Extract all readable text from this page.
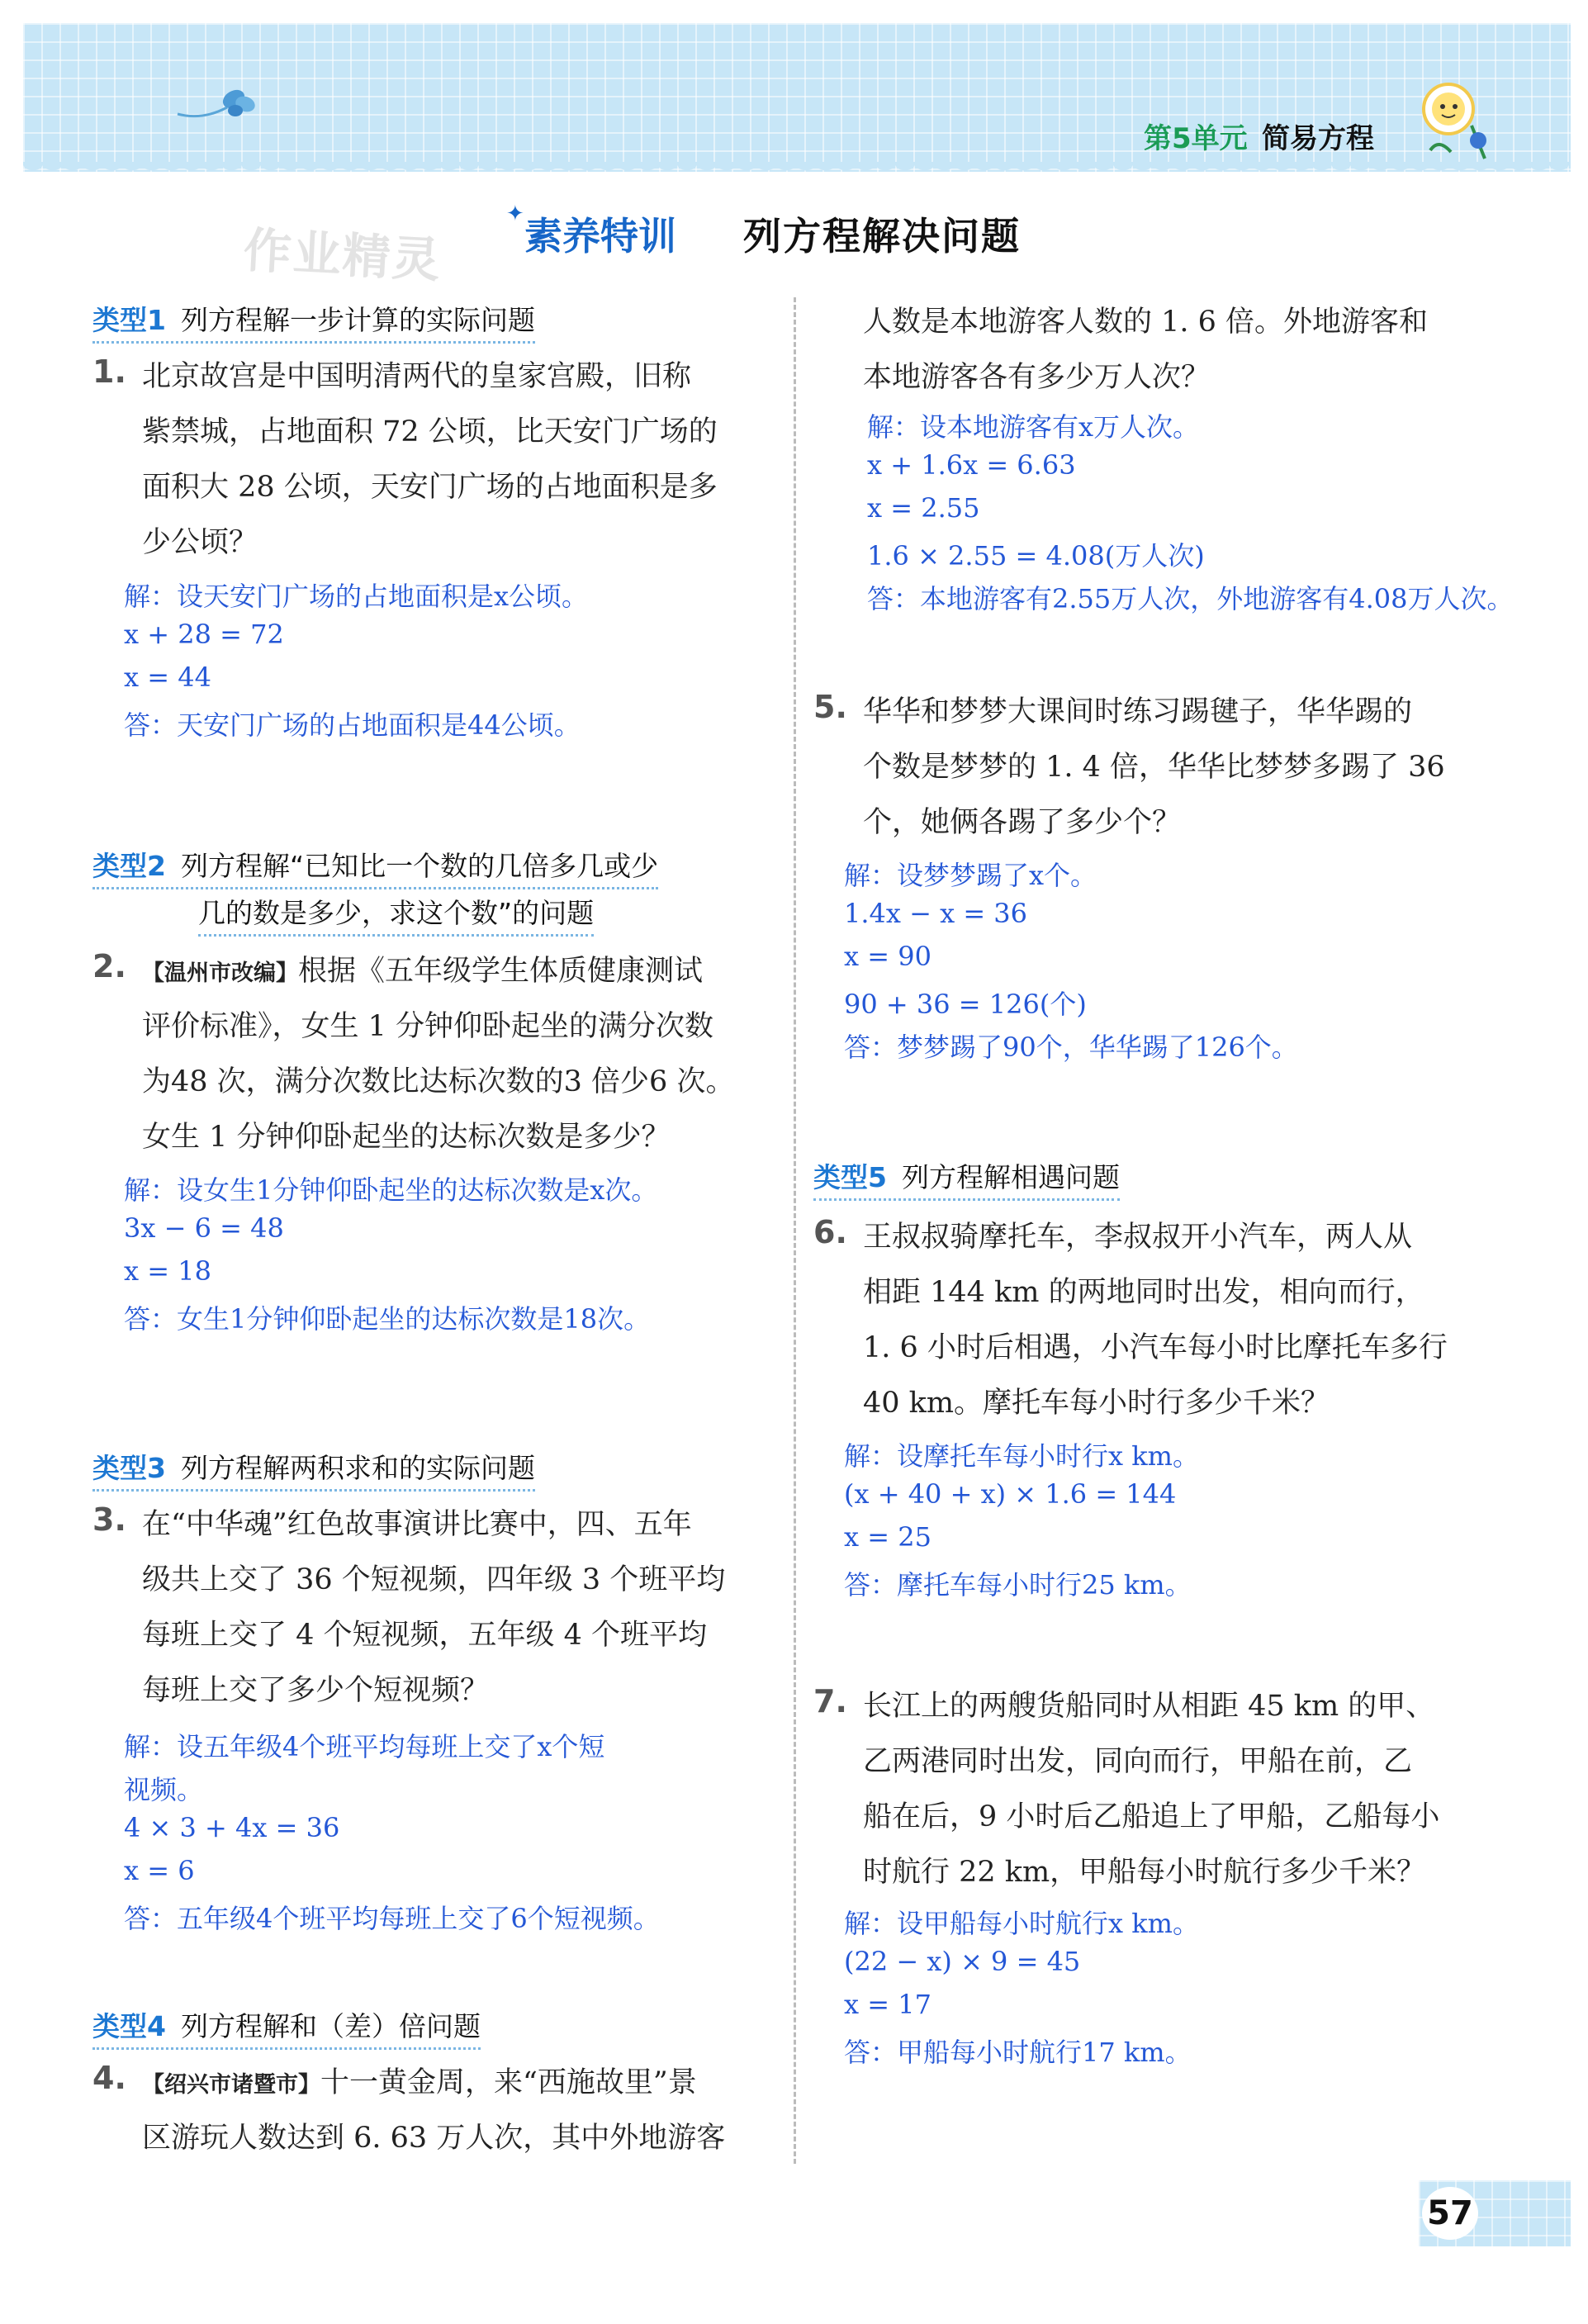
第5单元 简易方程
作业精灵
✦ 素养特训 列方程解决问题
类型1 列方程解一步计算的实际问题
1. 北京故宫是中国明清两代的皇家宫殿，旧称
紫禁城，占地面积 72 公顷，比天安门广场的
面积大 28 公顷，天安门广场的占地面积是多
少公顷？
解：设天安门广场的占地面积是x公顷。
x + 28 = 72
x = 44
答：天安门广场的占地面积是44公顷。
类型2 列方程解“已知比一个数的几倍多几或少
几的数是多少，求这个数”的问题
2. 【温州市改编】根据《五年级学生体质健康测试
评价标准》，女生 1 分钟仰卧起坐的满分次数
为48 次，满分次数比达标次数的3 倍少6 次。
女生 1 分钟仰卧起坐的达标次数是多少？
解：设女生1分钟仰卧起坐的达标次数是x次。
3x − 6 = 48
x = 18
答：女生1分钟仰卧起坐的达标次数是18次。
类型3 列方程解两积求和的实际问题
3. 在“中华魂”红色故事演讲比赛中，四、五年
级共上交了 36 个短视频，四年级 3 个班平均
每班上交了 4 个短视频，五年级 4 个班平均
每班上交了多少个短视频？
解：设五年级4个班平均每班上交了x个短
视频。
4 × 3 + 4x = 36
x = 6
答：五年级4个班平均每班上交了6个短视频。
类型4 列方程解和（差）倍问题
4. 【绍兴市诸暨市】十一黄金周，来“西施故里”景
区游玩人数达到 6. 63 万人次，其中外地游客
人数是本地游客人数的 1. 6 倍。外地游客和
本地游客各有多少万人次？
解：设本地游客有x万人次。
x + 1.6x = 6.63
x = 2.55
1.6 × 2.55 = 4.08(万人次)
答：本地游客有2.55万人次，外地游客有4.08万人次。
5. 华华和梦梦大课间时练习踢毽子，华华踢的
个数是梦梦的 1. 4 倍，华华比梦梦多踢了 36
个，她俩各踢了多少个？
解：设梦梦踢了x个。
1.4x − x = 36
x = 90
90 + 36 = 126(个)
答：梦梦踢了90个，华华踢了126个。
类型5 列方程解相遇问题
6. 王叔叔骑摩托车，李叔叔开小汽车，两人从
相距 144 km 的两地同时出发，相向而行，
1. 6 小时后相遇，小汽车每小时比摩托车多行
40 km。摩托车每小时行多少千米？
解：设摩托车每小时行x km。
(x + 40 + x) × 1.6 = 144
x = 25
答：摩托车每小时行25 km。
7. 长江上的两艘货船同时从相距 45 km 的甲、
乙两港同时出发，同向而行，甲船在前，乙
船在后，9 小时后乙船追上了甲船，乙船每小
时航行 22 km，甲船每小时航行多少千米？
解：设甲船每小时航行x km。
(22 − x) × 9 = 45
x = 17
答：甲船每小时航行17 km。
57
